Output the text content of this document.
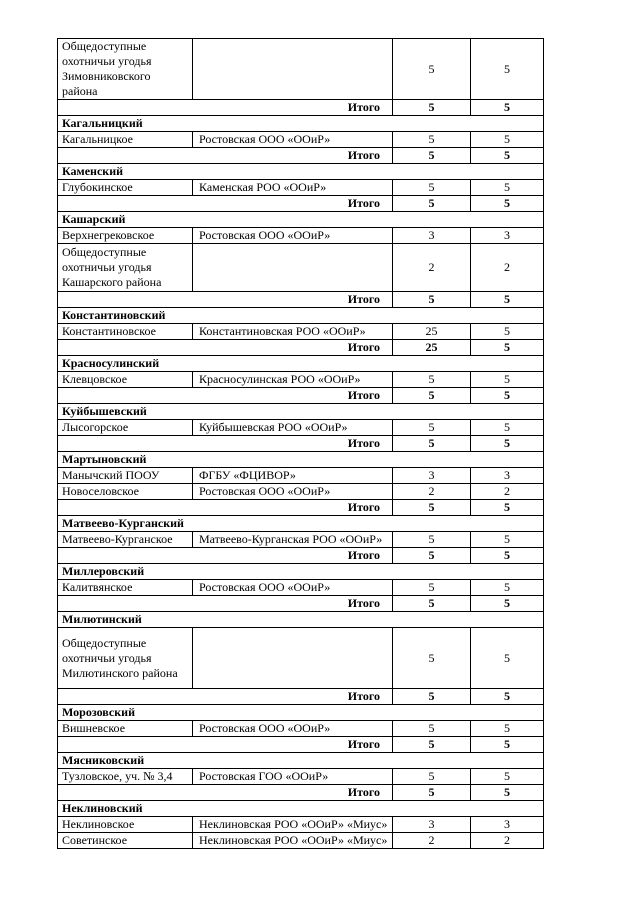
Общедоступные охотничьи угодья Зимовниковского района		5	5
Итого		5	5
Кагальницкий			
Кагальницкое	Ростовская ООО «ООиР»	5	5
Итого		5	5
Каменский			
Глубокинское	Каменская РОО «ООиР»	5	5
Итого		5	5
Кашарский			
Верхнегрековское	Ростовская ООО «ООиР»	3	3
Общедоступные охотничьи угодья Кашарского района		2	2
Итого		5	5
Константиновский			
Константиновское	Константиновская РОО «ООиР»	25	5
Итого		25	5
Красносулинский			
Клевцовское	Красносулинская РОО «ООиР»	5	5
Итого		5	5
Куйбышевский			
Лысогорское	Куйбышевская РОО «ООиР»	5	5
Итого		5	5
Мартыновский			
Манычский ПООУ	ФГБУ «ФЦИВОР»	3	3
Новоселовское	Ростовская ООО «ООиР»	2	2
Итого		5	5
Матвеево-Курганский			
Матвеево-Курганское	Матвеево-Курганская РОО «ООиР»	5	5
Итого		5	5
Миллеровский			
Калитвянское	Ростовская ООО «ООиР»	5	5
Итого		5	5
Милютинский			
Общедоступные охотничьи угодья Милютинского района		5	5
Итого		5	5
Морозовский			
Вишневское	Ростовская ООО «ООиР»	5	5
Итого		5	5
Мясниковский			
Тузловское, уч. № 3,4	Ростовская ГОО «ООиР»	5	5
Итого		5	5
Неклиновский			
Неклиновское	Неклиновская РОО «ООиР» «Миус»	3	3
Советинское	Неклиновская РОО «ООиР» «Миус»	2	2
